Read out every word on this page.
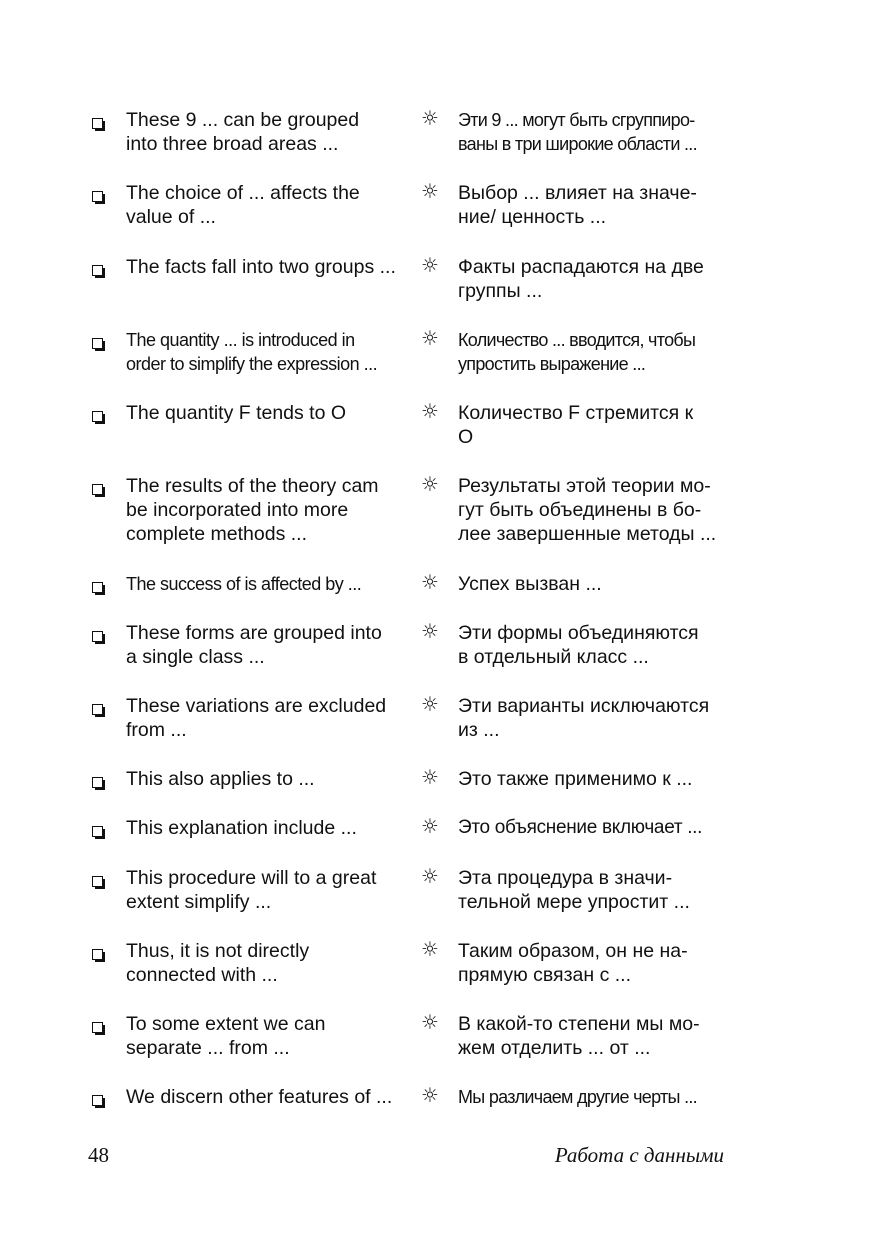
These 9 ... can be grouped
into three broad areas ...
☼ Эти 9 ... могут быть сгруппиро-
ваны в три широкие области ...
The choice of ... affects the
value of ...
☼ Выбор ... влияет на значе-
ние/ ценность ...
The facts fall into two groups ...	☼ Факты распадаются на две
группы ...
The quantity ... is introduced in
order to simplify the expression ...
☼ Количество ... вводится, чтобы
упростить выражение ...
The quantity F tends to O	☼ Количество F стремится к
O
The results of the theory cam
be incorporated into more
complete methods ...
☼ Результаты этой теории мо-
гут быть объединены в бо-
лее завершенные методы ...
The success of is affected by ...	☼ Успех вызван ...
These forms are grouped into
a single class ...
☼ Эти формы объединяются
в отдельный класс ...
These variations are excluded
from ...
☼ Эти варианты исключаются
из ...
This also applies to ...	☼ Это также применимо к ...
This explanation include ...	☼ Это объяснение включает ...
This procedure will to a great
extent simplify ...
☼ Эта процедура в значи-
тельной мере упростит ...
Thus, it is not directly
connected with ...
☼ Таким образом, он не на-
прямую связан с ...
To some extent we can
separate ... from ...
☼ В какой-то степени мы мо-
жем отделить ... от ...
We discern other features of ...	☼ Мы различаем другие черты ...
48	Работа с данными
